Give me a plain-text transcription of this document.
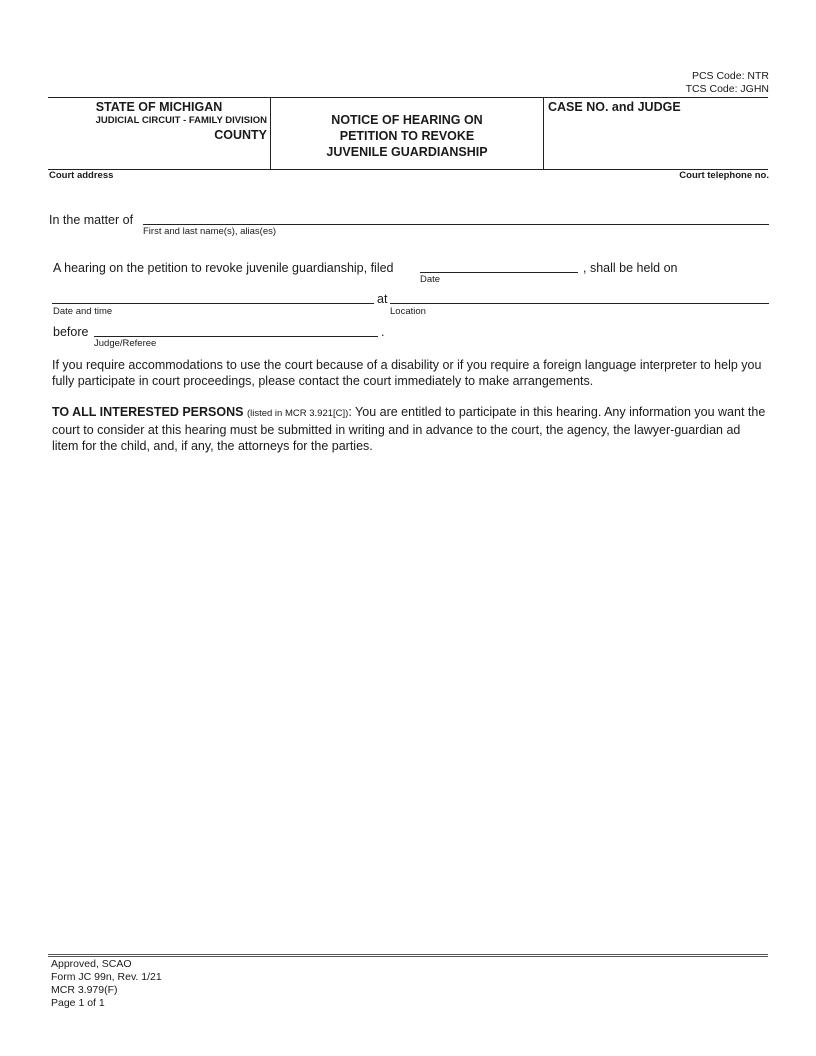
PCS Code: NTR
TCS Code: JGHN
STATE OF MICHIGAN
JUDICIAL CIRCUIT - FAMILY DIVISION
COUNTY
NOTICE OF HEARING ON
PETITION TO REVOKE
JUVENILE GUARDIANSHIP
CASE NO. and JUDGE
Court address	Court telephone no.
In the matter of
First and last name(s), alias(es)
A hearing on the petition to revoke juvenile guardianship, filed
Date
, shall be held on
Date and time
at
Location
before	.
Judge/Referee
If you require accommodations to use the court because of a disability or if you require a foreign language interpreter to help you fully participate in court proceedings, please contact the court immediately to make arrangements.
TO ALL INTERESTED PERSONS (listed in MCR 3.921[C]): You are entitled to participate in this hearing. Any information you want the court to consider at this hearing must be submitted in writing and in advance to the court, the agency, the lawyer-guardian ad litem for the child, and, if any, the attorneys for the parties.
Approved, SCAO
Form JC 99n, Rev. 1/21
MCR 3.979(F)
Page 1 of 1
